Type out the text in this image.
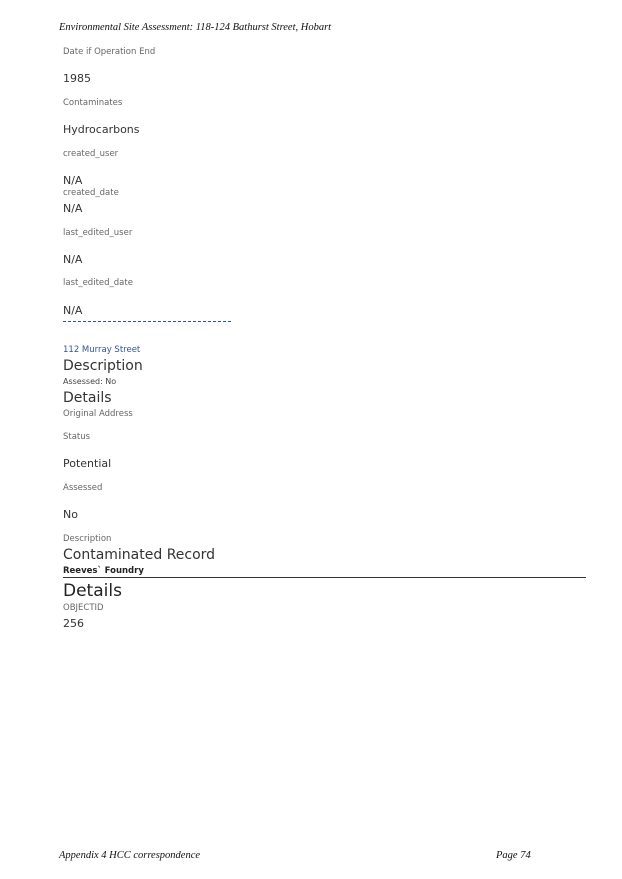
Environmental Site Assessment: 118-124 Bathurst Street, Hobart
Date if Operation End
1985
Contaminates
Hydrocarbons
created_user
N/A
created_date
N/A
last_edited_user
N/A
last_edited_date
N/A
112 Murray Street
Description
Assessed: No
Details
Original Address
Status
Potential
Assessed
No
Description
Contaminated Record
Reeves` Foundry
Details
OBJECTID
256
Appendix 4 HCC correspondence	Page 74
